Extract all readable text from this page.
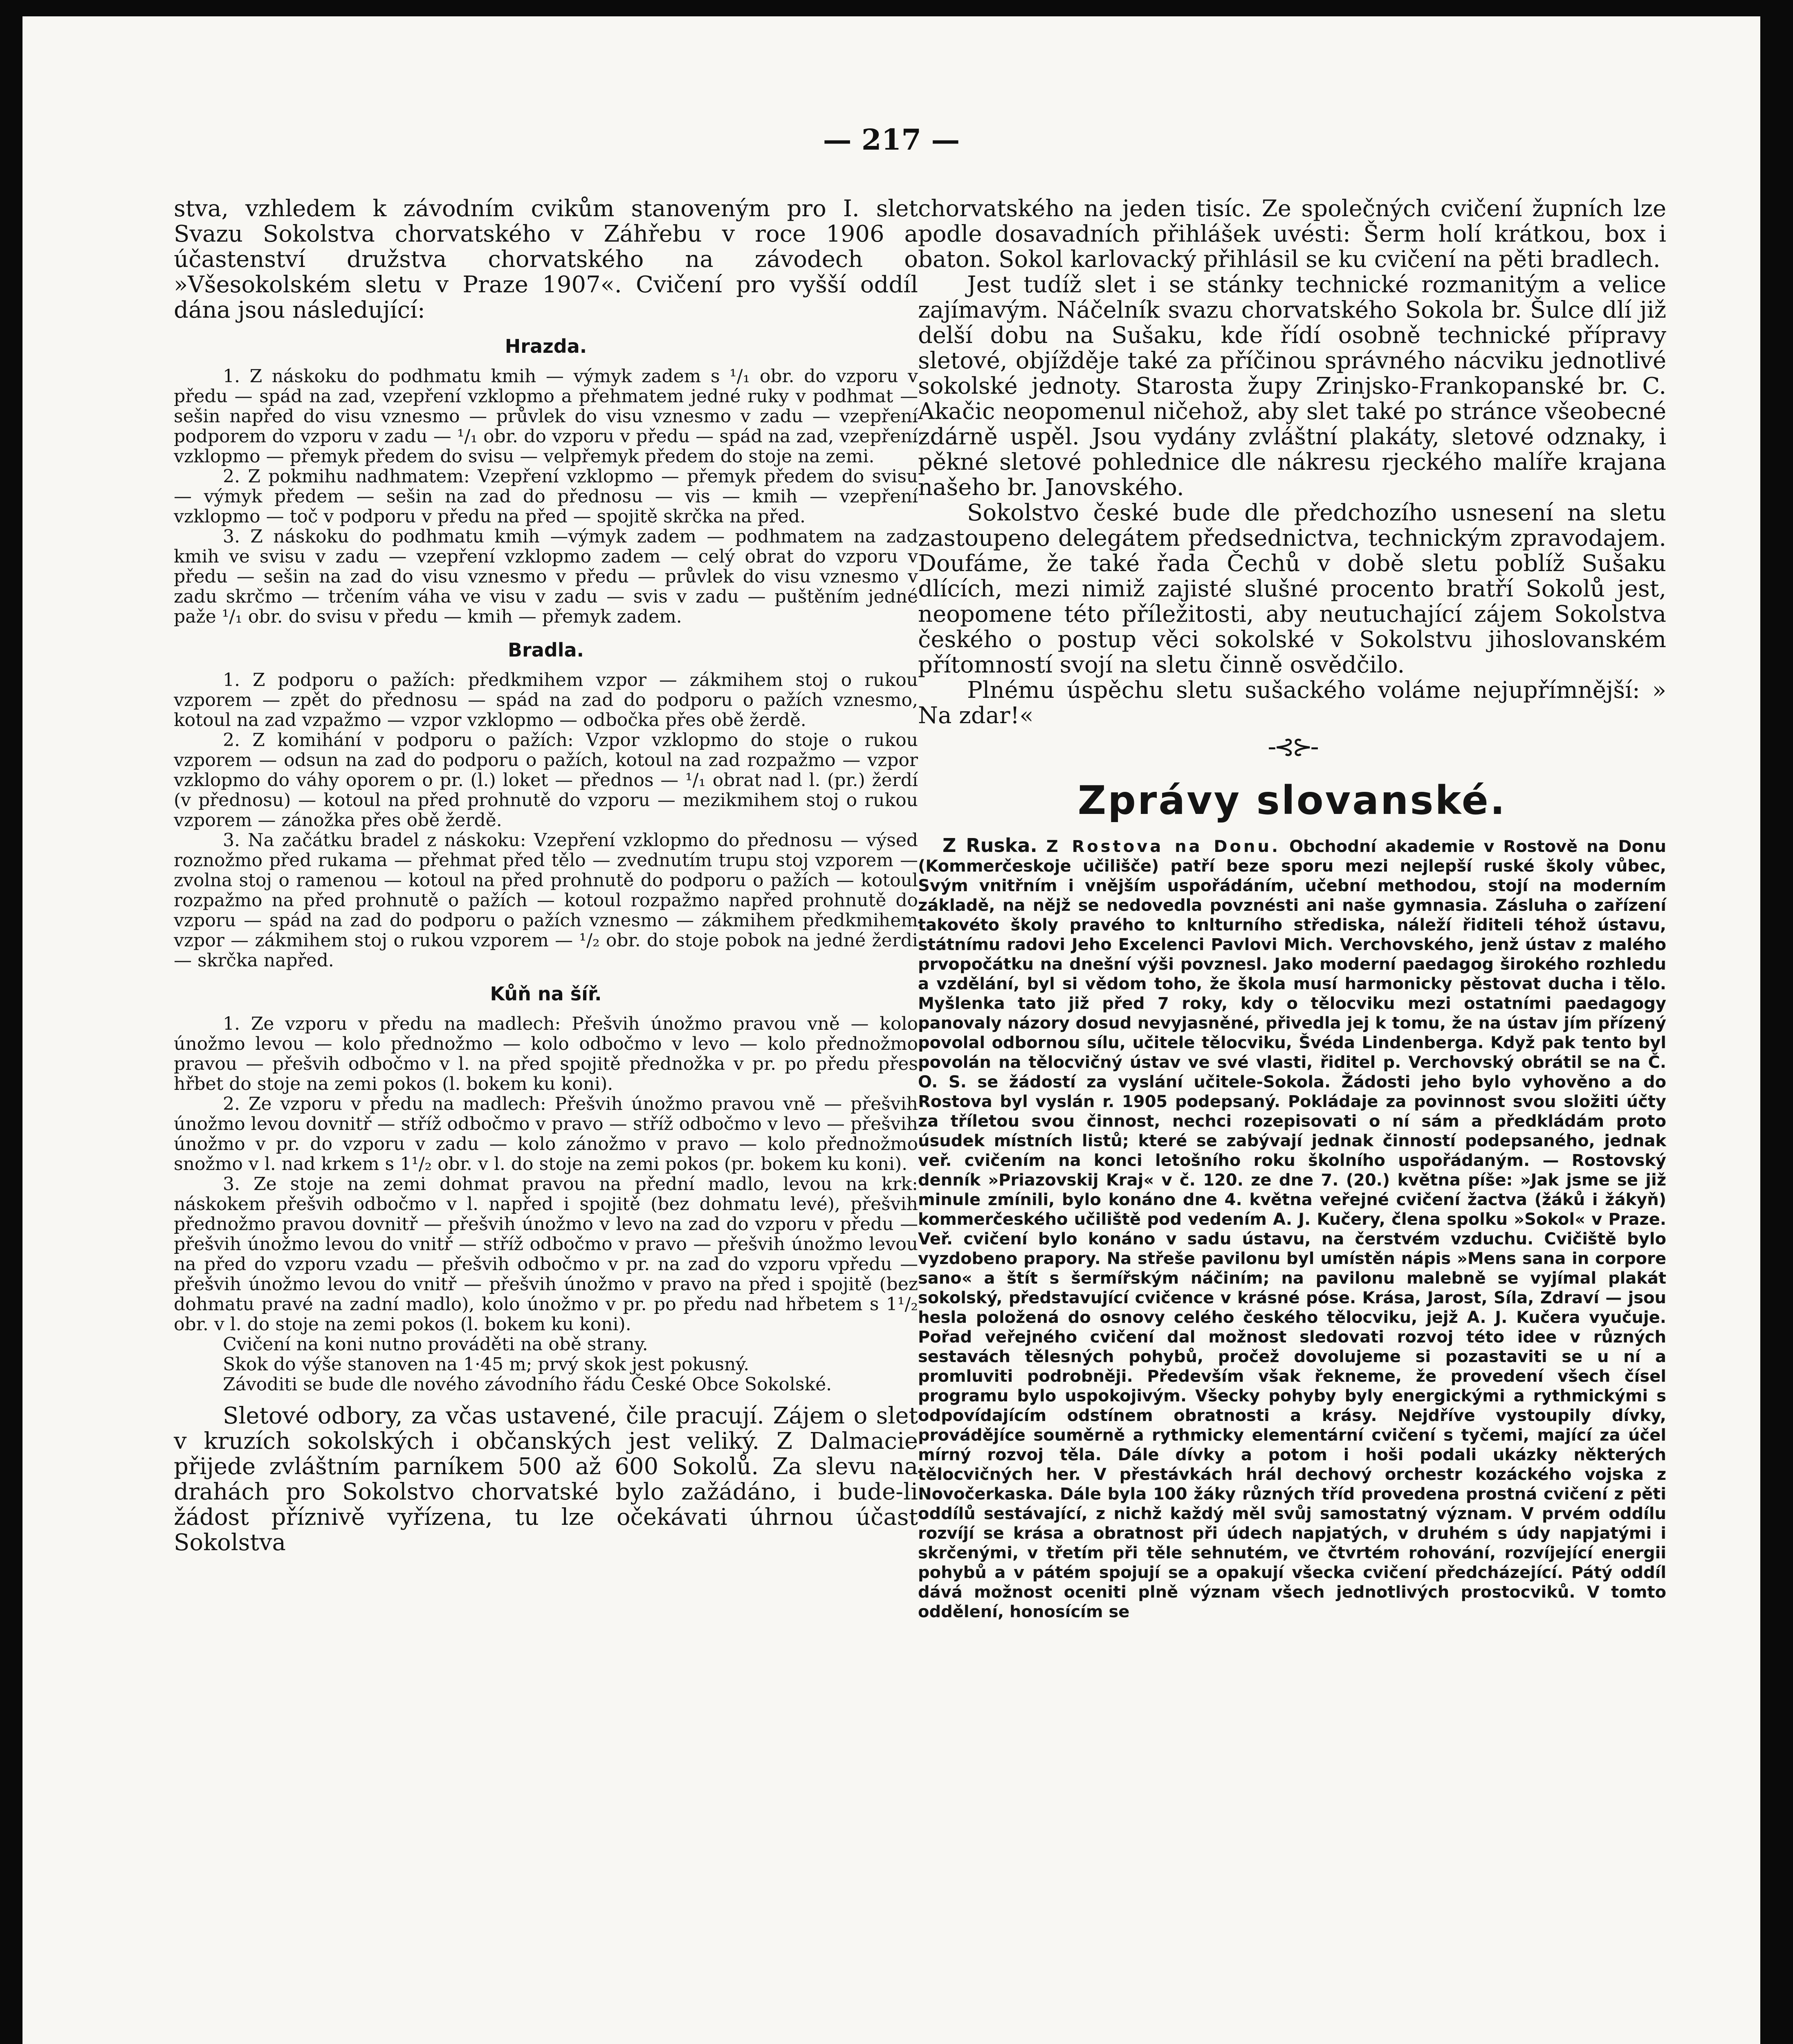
— 217 —

stva, vzhledem k závodním cvikům stanoveným pro I. slet Svazu Sokolstva chorvatského v Záhřebu v roce 1906 a účastenství družstva chorvatského na závodech o »Všesokolském sletu v Praze 1907«. Cvičení pro vyšší oddíl dána jsou následující:

Hrazda.

1. Z náskoku do podhmatu kmih — výmyk zadem s ¹/₁ obr. do vzporu v předu — spád na zad, vzepření vzklopmo a přehmatem jedné ruky v podhmat — sešin napřed do visu vznesmo — průvlek do visu vznesmo v zadu — vzepření podporem do vzporu v zadu — ¹/₁ obr. do vzporu v předu — spád na zad, vzepření vzklopmo — přemyk předem do svisu — velpřemyk předem do stoje na zemi.

2. Z pokmihu nadhmatem: Vzepření vzklopmo — přemyk předem do svisu — výmyk předem — sešin na zad do přednosu — vis — kmih — vzepření vzklopmo — toč v podporu v předu na před — spojitě skrčka na před.

3. Z náskoku do podhmatu kmih —výmyk zadem — podhmatem na zad kmih ve svisu v zadu — vzepření vzklopmo zadem — celý obrat do vzporu v předu — sešin na zad do visu vznesmo v předu — průvlek do visu vznesmo v zadu skrčmo — trčením váha ve visu v zadu — svis v zadu — puštěním jedné paže ¹/₁ obr. do svisu v předu — kmih — přemyk zadem.

Bradla.

1. Z podporu o pažích: předkmihem vzpor — zákmihem stoj o rukou vzporem — zpět do přednosu — spád na zad do podporu o pažích vznesmo, kotoul na zad vzpažmo — vzpor vzklopmo — odbočka přes obě žerdě.

2. Z komihání v podporu o pažích: Vzpor vzklopmo do stoje o rukou vzporem — odsun na zad do podporu o pažích, kotoul na zad rozpažmo — vzpor vzklopmo do váhy oporem o pr. (l.) loket — přednos — ¹/₁ obrat nad l. (pr.) žerdí (v přednosu) — kotoul na před prohnutě do vzporu — mezikmihem stoj o rukou vzporem — zánožka přes obě žerdě.

3. Na začátku bradel z náskoku: Vzepření vzklopmo do přednosu — výsed roznožmo před rukama — přehmat před tělo — zvednutím trupu stoj vzporem — zvolna stoj o ramenou — kotoul na před prohnutě do podporu o pažích — kotoul rozpažmo na před prohnutě o pažích — kotoul rozpažmo napřed prohnutě do vzporu — spád na zad do podporu o pažích vznesmo — zákmihem předkmihem vzpor — zákmihem stoj o rukou vzporem — ¹/₂ obr. do stoje pobok na jedné žerdi — skrčka napřed.

Kůň na šíř.

1. Ze vzporu v předu na madlech: Přešvih únožmo pravou vně — kolo únožmo levou — kolo přednožmo — kolo odbočmo v levo — kolo přednožmo pravou — přešvih odbočmo v l. na před spojitě přednožka v pr. po předu přes hřbet do stoje na zemi pokos (l. bokem ku koni).

2. Ze vzporu v předu na madlech: Přešvih únožmo pravou vně — přešvih únožmo levou dovnitř — stříž odbočmo v pravo — stříž odbočmo v levo — přešvih únožmo v pr. do vzporu v zadu — kolo zánožmo v pravo — kolo přednožmo snožmo v l. nad krkem s 1¹/₂ obr. v l. do stoje na zemi pokos (pr. bokem ku koni).

3. Ze stoje na zemi dohmat pravou na přední madlo, levou na krk: náskokem přešvih odbočmo v l. napřed i spojitě (bez dohmatu levé), přešvih přednožmo pravou dovnitř — přešvih únožmo v levo na zad do vzporu v předu — přešvih únožmo levou do vnitř — stříž odbočmo v pravo — přešvih únožmo levou na před do vzporu vzadu — přešvih odbočmo v pr. na zad do vzporu vpředu — přešvih únožmo levou do vnitř — přešvih únožmo v pravo na před i spojitě (bez dohmatu pravé na zadní madlo), kolo únožmo v pr. po předu nad hřbetem s 1¹/₂ obr. v l. do stoje na zemi pokos (l. bokem ku koni).

Cvičení na koni nutno prováděti na obě strany.

Skok do výše stanoven na 1·45 m; prvý skok jest pokusný.

Závoditi se bude dle nového závodního řádu České Obce Sokolské.

Sletové odbory, za včas ustavené, čile pracují. Zájem o slet v kruzích sokolských i občanských jest veliký. Z Dalmacie přijede zvláštním parníkem 500 až 600 Sokolů. Za slevu na drahách pro Sokolstvo chorvatské bylo zažádáno, i bude-li žádost příznivě vyřízena, tu lze očekávati úhrnou účast Sokolstva

chorvatského na jeden tisíc. Ze společných cvičení župních lze podle dosavadních přihlášek uvésti: Šerm holí krátkou, box i baton. Sokol karlovacký přihlásil se ku cvičení na pěti bradlech.

Jest tudíž slet i se stánky technické rozmanitým a velice zajímavým. Náčelník svazu chorvatského Sokola br. Šulce dlí již delší dobu na Sušaku, kde řídí osobně technické přípravy sletové, objížděje také za příčinou správného nácviku jednotlivé sokolské jednoty. Starosta župy Zrinjsko-Frankopanské br. C. Akačic neopomenul ničehož, aby slet také po stránce všeobecné zdárně uspěl. Jsou vydány zvláštní plakáty, sletové odznaky, i pěkné sletové pohlednice dle nákresu rjeckého malíře krajana našeho br. Janovského.

Sokolstvo české bude dle předchozího usnesení na sletu zastoupeno delegátem předsednictva, technickým zpravodajem. Doufáme, že také řada Čechů v době sletu poblíž Sušaku dlících, mezi nimiž zajisté slušné procento bratří Sokolů jest, neopomene této příležitosti, aby neutuchající zájem Sokolstva českého o postup věci sokolské v Sokolstvu jihoslovanském přítomností svojí na sletu činně osvědčilo.

Plnému úspěchu sletu sušackého voláme nejupřímnější: » Na zdar!«

-⊰⊱-
Zprávy slovanské.

Z Ruska. Z Rostova na Donu. Obchodní akademie v Rostově na Donu (Kommerčeskoje učilišče) patří beze sporu mezi nejlepší ruské školy vůbec, Svým vnitřním i vnějším uspořádáním, učební methodou, stojí na moderním základě, na nějž se nedovedla povznésti ani naše gymnasia. Zásluha o zařízení takovéto školy pravého to knlturního střediska, náleží řiditeli téhož ústavu, státnímu radovi Jeho Excelenci Pavlovi Mich. Verchovského, jenž ústav z malého prvopočátku na dnešní výši povznesl. Jako moderní paedagog širokého rozhledu a vzdělání, byl si vědom toho, že škola musí harmonicky pěstovat ducha i tělo. Myšlenka tato již před 7 roky, kdy o tělocviku mezi ostatními paedagogy panovaly názory dosud nevyjasněné, přivedla jej k tomu, že na ústav jím přízený povolal odbornou sílu, učitele tělocviku, Švéda Lindenberga. Když pak tento byl povolán na tělocvičný ústav ve své vlasti, řiditel p. Verchovský obrátil se na Č. O. S. se žádostí za vyslání učitele-Sokola. Žádosti jeho bylo vyhověno a do Rostova byl vyslán r. 1905 podepsaný. Pokládaje za povinnost svou složiti účty za tříletou svou činnost, nechci rozepisovati o ní sám a předkládám proto úsudek místních listů; které se zabývají jednak činností podepsaného, jednak veř. cvičením na konci letošního roku školního uspořádaným. — Rostovský denník »Priazovskij Kraj« v č. 120. ze dne 7. (20.) května píše: »Jak jsme se již minule zmínili, bylo konáno dne 4. května veřejné cvičení žactva (žáků i žákyň) kommerčeského učiliště pod vedením A. J. Kučery, člena spolku »Sokol« v Praze. Veř. cvičení bylo konáno v sadu ústavu, na čerstvém vzduchu. Cvičiště bylo vyzdobeno prapory. Na střeše pavilonu byl umístěn nápis »Mens sana in corpore sano« a štít s šermířským náčiním; na pavilonu malebně se vyjímal plakát sokolský, představující cvičence v krásné póse. Krása, Jarost, Síla, Zdraví — jsou hesla položená do osnovy celého českého tělocviku, jejž A. J. Kučera vyučuje. Pořad veřejného cvičení dal možnost sledovati rozvoj této idee v různých sestavách tělesných pohybů, pročež dovolujeme si pozastaviti se u ní a promluviti podrobněji. Především však řekneme, že provedení všech čísel programu bylo uspokojivým. Všecky pohyby byly energickými a rythmickými s odpovídajícím odstínem obratnosti a krásy. Nejdříve vystoupily dívky, provádějíce souměrně a rythmicky elementární cvičení s tyčemi, mající za účel mírný rozvoj těla. Dále dívky a potom i hoši podali ukázky některých tělocvičných her. V přestávkách hrál dechový orchestr kozáckého vojska z Novočerkaska. Dále byla 100 žáky různých tříd provedena prostná cvičení z pěti oddílů sestávající, z nichž každý měl svůj samostatný význam. V prvém oddílu rozvíjí se krása a obratnost při údech napjatých, v druhém s údy napjatými i skrčenými, v třetím při těle sehnutém, ve čtvrtém rohování, rozvíjející energii pohybů a v pátém spojují se a opakují všecka cvičení předcházející. Pátý oddíl dává možnost oceniti plně význam všech jednotlivých prostocviků. V tomto oddělení, honosícím se
